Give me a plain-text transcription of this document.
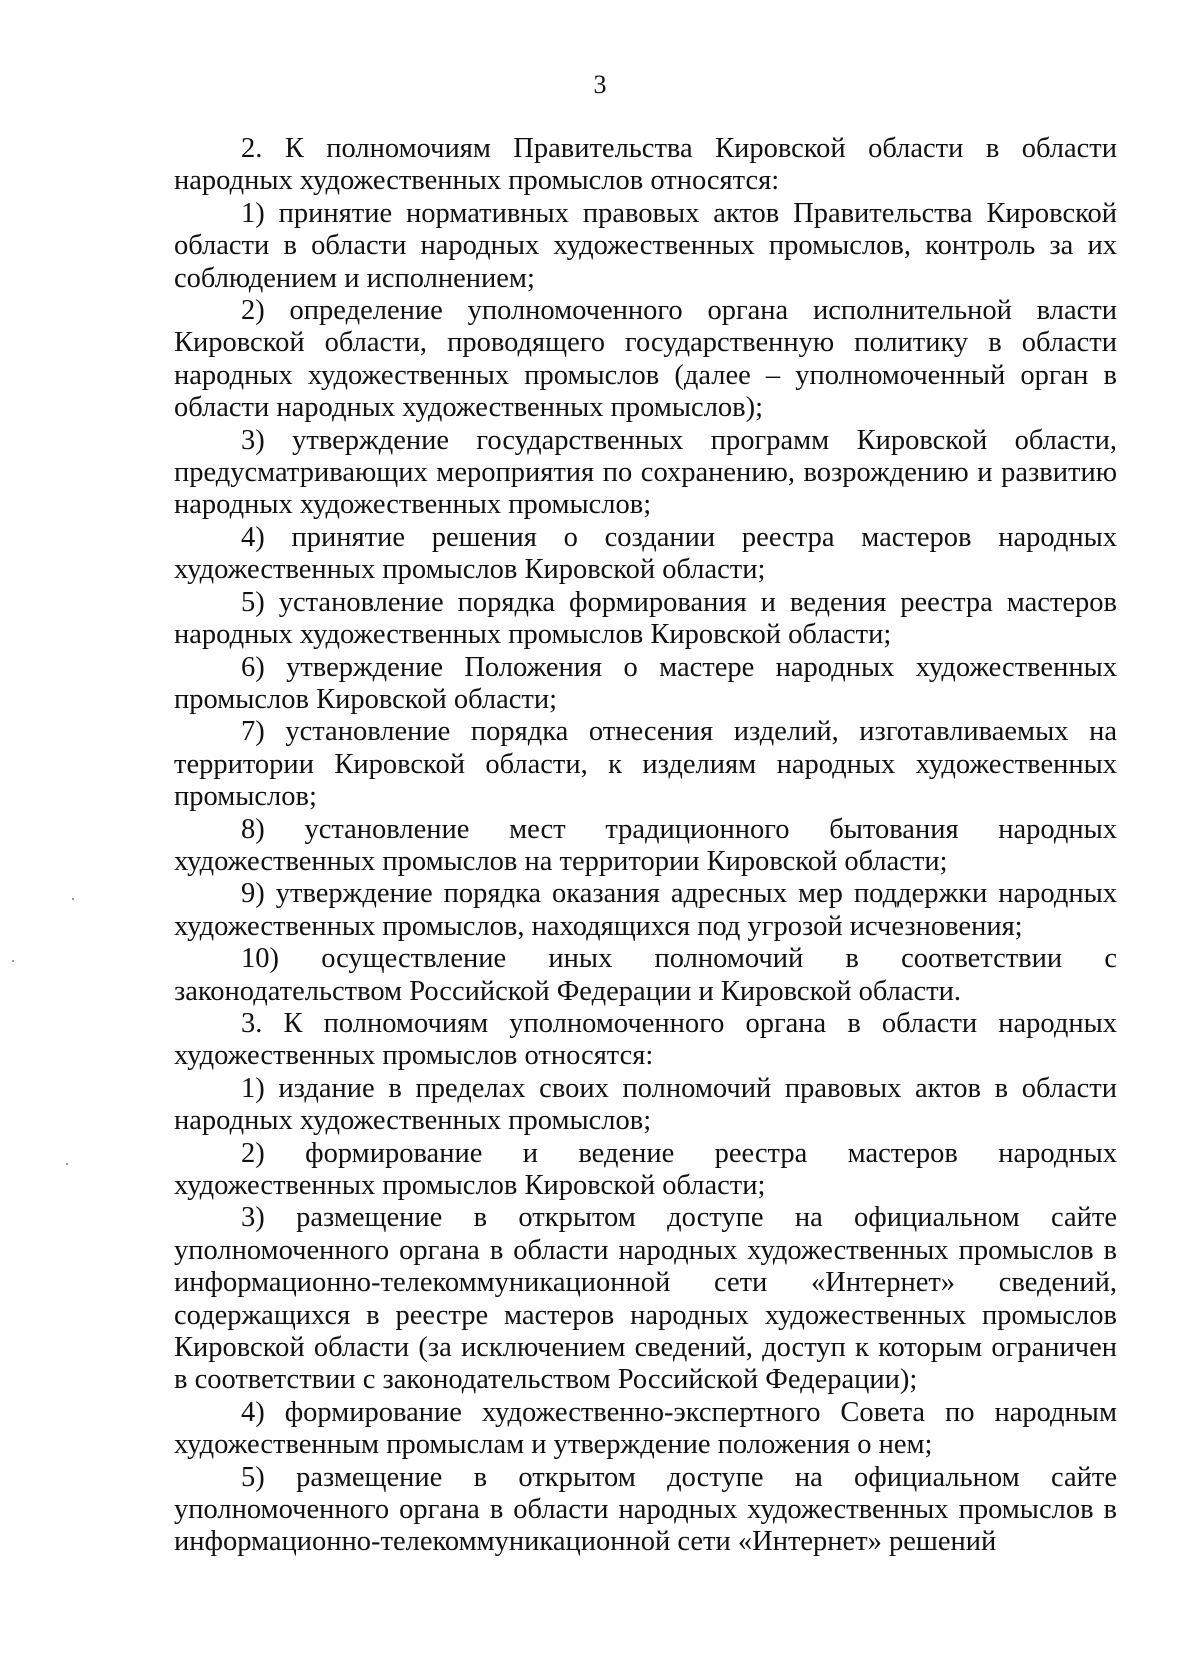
3

2. К полномочиям Правительства Кировской области в области народных художественных промыслов относятся:

1) принятие нормативных правовых актов Правительства Кировской области в области народных художественных промыслов, контроль за их соблюдением и исполнением;

2) определение уполномоченного органа исполнительной власти Кировской области, проводящего государственную политику в области народных художественных промыслов (далее – уполномоченный орган в области народных художественных промыслов);

3) утверждение государственных программ Кировской области, предусматривающих мероприятия по сохранению, возрождению и развитию народных художественных промыслов;

4) принятие решения о создании реестра мастеров народных художественных промыслов Кировской области;

5) установление порядка формирования и ведения реестра мастеров народных художественных промыслов Кировской области;

6) утверждение Положения о мастере народных художественных промыслов Кировской области;

7) установление порядка отнесения изделий, изготавливаемых на территории Кировской области, к изделиям народных художественных промыслов;

8) установление мест традиционного бытования народных художественных промыслов на территории Кировской области;

9) утверждение порядка оказания адресных мер поддержки народных художественных промыслов, находящихся под угрозой исчезновения;

10) осуществление иных полномочий в соответствии с законодательством Российской Федерации и Кировской области.

3. К полномочиям уполномоченного органа в области народных художественных промыслов относятся:

1) издание в пределах своих полномочий правовых актов в области народных художественных промыслов;

2) формирование и ведение реестра мастеров народных художественных промыслов Кировской области;

3) размещение в открытом доступе на официальном сайте уполномоченного органа в области народных художественных промыслов в информационно-телекоммуникационной сети «Интернет» сведений, содержащихся в реестре мастеров народных художественных промыслов Кировской области (за исключением сведений, доступ к которым ограничен в соответствии с законодательством Российской Федерации);

4) формирование художественно-экспертного Совета по народным художественным промыслам и утверждение положения о нем;

5) размещение в открытом доступе на официальном сайте уполномоченного органа в области народных художественных промыслов в информационно-телекоммуникационной сети «Интернет» решений
